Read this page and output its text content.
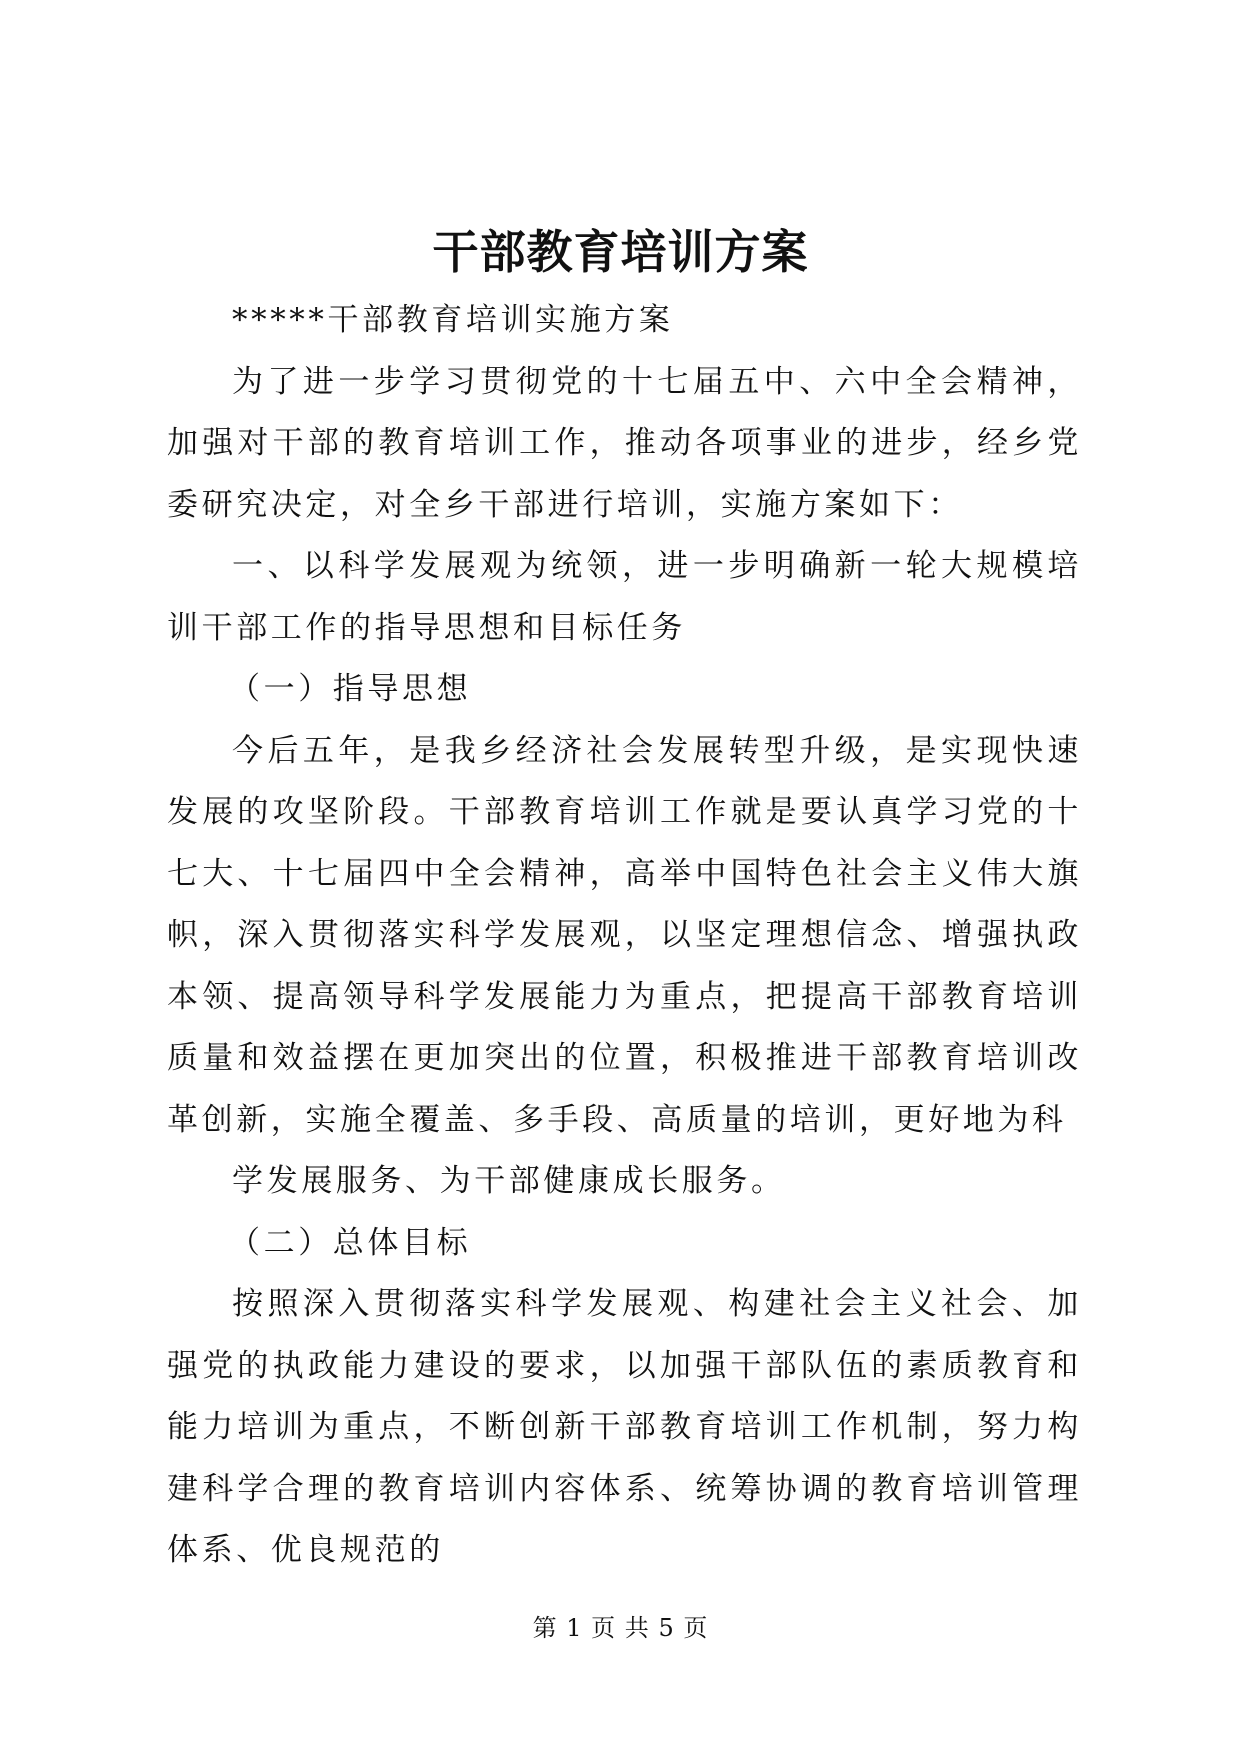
干部教育培训方案

*****干部教育培训实施方案

为了进一步学习贯彻党的十七届五中、六中全会精神，加强对干部的教育培训工作，推动各项事业的进步，经乡党委研究决定，对全乡干部进行培训，实施方案如下：

一、以科学发展观为统领，进一步明确新一轮大规模培训干部工作的指导思想和目标任务

（一）指导思想

今后五年，是我乡经济社会发展转型升级，是实现快速发展的攻坚阶段。干部教育培训工作就是要认真学习党的十七大、十七届四中全会精神，高举中国特色社会主义伟大旗帜，深入贯彻落实科学发展观，以坚定理想信念、增强执政本领、提高领导科学发展能力为重点，把提高干部教育培训质量和效益摆在更加突出的位置，积极推进干部教育培训改革创新，实施全覆盖、多手段、高质量的培训，更好地为科

学发展服务、为干部健康成长服务。

（二）总体目标

按照深入贯彻落实科学发展观、构建社会主义社会、加强党的执政能力建设的要求，以加强干部队伍的素质教育和能力培训为重点，不断创新干部教育培训工作机制，努力构建科学合理的教育培训内容体系、统筹协调的教育培训管理体系、优良规范的

第 1 页 共 5 页
